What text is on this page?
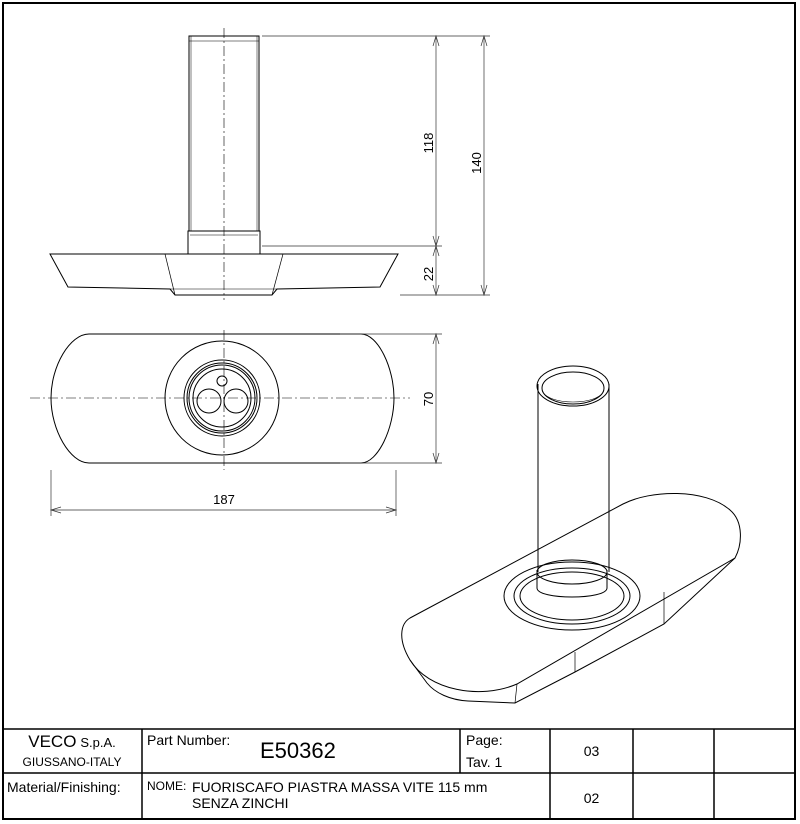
118
140
22
70
187
VECO S.p.A.
GIUSSANO-ITALY
Part Number: E50362	Page:
Tav. 1
03
Material/Finishing: NOME: FUORISCAFO PIASTRA MASSA VITE 115 mm
SENZA ZINCHI	02
